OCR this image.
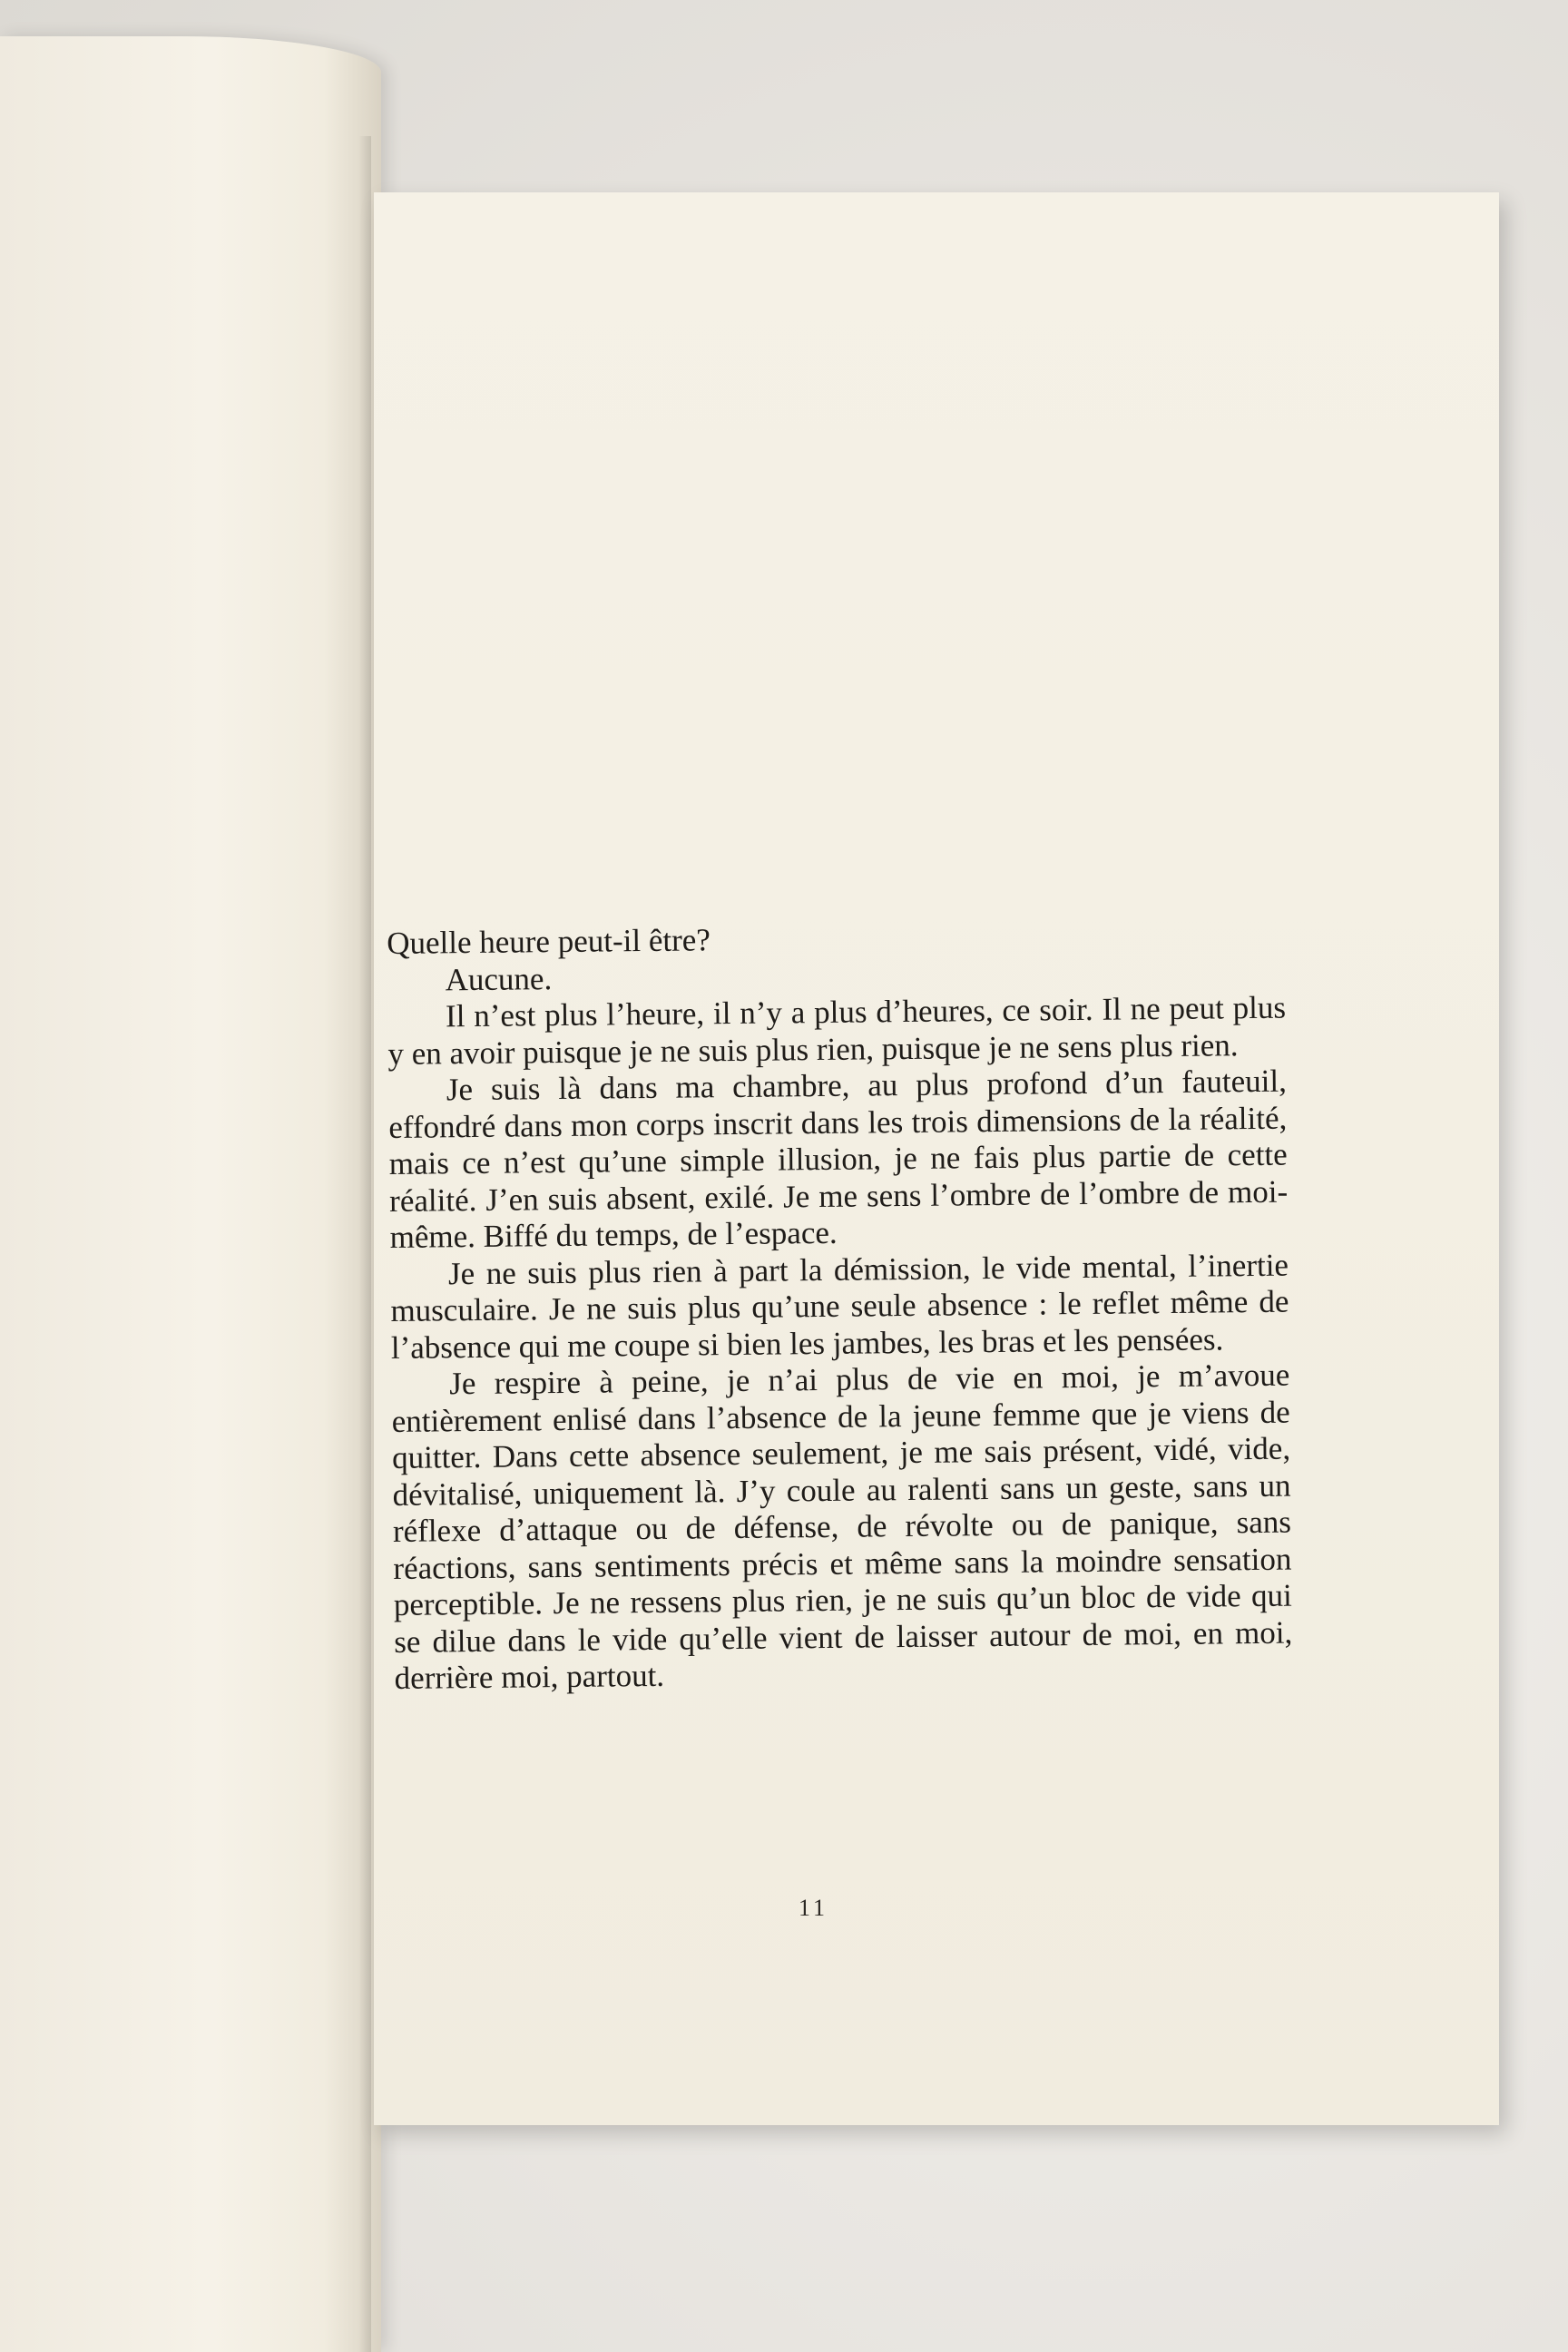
Quelle heure peut-il être?

Aucune.

Il n’est plus l’heure, il n’y a plus d’heures, ce soir. Il ne peut plus y en avoir puisque je ne suis plus rien, puisque je ne sens plus rien.

Je suis là dans ma chambre, au plus profond d’un fauteuil, effondré dans mon corps inscrit dans les trois dimensions de la réalité, mais ce n’est qu’une simple illusion, je ne fais plus partie de cette réalité. J’en suis absent, exilé. Je me sens l’ombre de l’ombre de moi-même. Biffé du temps, de l’espace.

Je ne suis plus rien à part la démission, le vide mental, l’inertie musculaire. Je ne suis plus qu’une seule absence : le reflet même de l’absence qui me coupe si bien les jambes, les bras et les pensées.

Je respire à peine, je n’ai plus de vie en moi, je m’avoue entièrement enlisé dans l’absence de la jeune femme que je viens de quitter. Dans cette absence seulement, je me sais présent, vidé, vide, dévitalisé, uniquement là. J’y coule au ralenti sans un geste, sans un réflexe d’attaque ou de défense, de révolte ou de panique, sans réactions, sans sentiments précis et même sans la moindre sensation perceptible. Je ne ressens plus rien, je ne suis qu’un bloc de vide qui se dilue dans le vide qu’elle vient de laisser autour de moi, en moi, derrière moi, partout.

11
